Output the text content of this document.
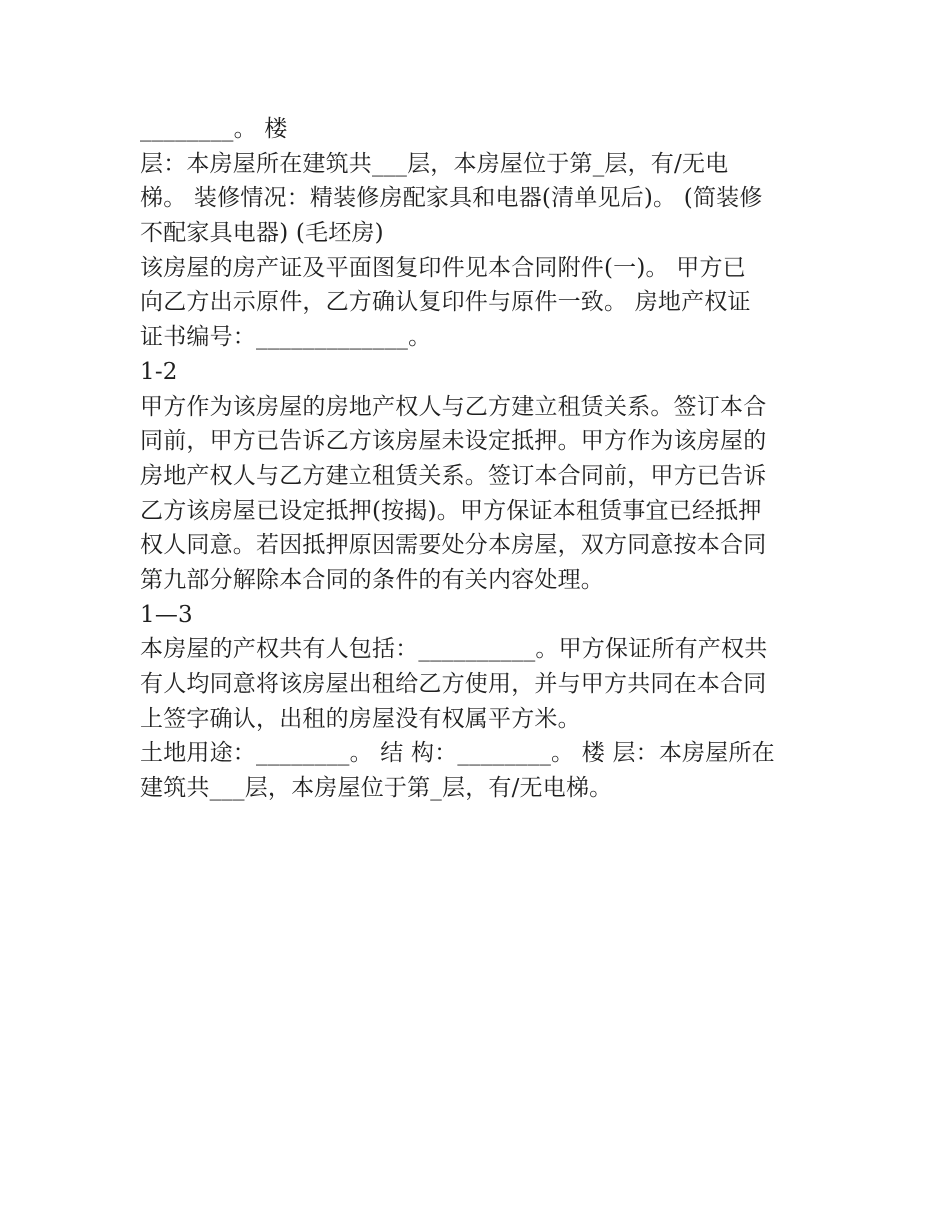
________。 楼

层：本房屋所在建筑共___层，本房屋位于第_层，有/无电

梯。 装修情况：精装修房配家具和电器(清单见后)。 (简装修

不配家具电器) (毛坯房)

该房屋的房产证及平面图复印件见本合同附件(一)。 甲方已

向乙方出示原件，乙方确认复印件与原件一致。 房地产权证

证书编号：_____________。

1-2

甲方作为该房屋的房地产权人与乙方建立租赁关系。签订本合

同前，甲方已告诉乙方该房屋未设定抵押。甲方作为该房屋的

房地产权人与乙方建立租赁关系。签订本合同前，甲方已告诉

乙方该房屋已设定抵押(按揭)。甲方保证本租赁事宜已经抵押

权人同意。若因抵押原因需要处分本房屋，双方同意按本合同

第九部分解除本合同的条件的有关内容处理。

1—3

本房屋的产权共有人包括：__________。甲方保证所有产权共

有人均同意将该房屋出租给乙方使用，并与甲方共同在本合同

上签字确认，出租的房屋没有权属平方米。

土地用途：________。 结 构：________。 楼 层：本房屋所在

建筑共___层，本房屋位于第_层，有/无电梯。
